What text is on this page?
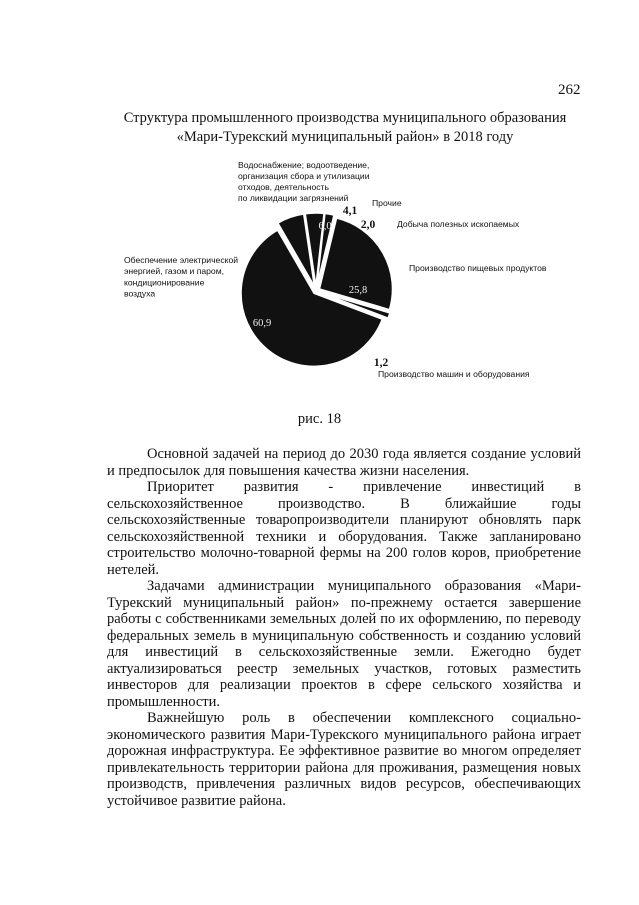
262
Структура промышленного производства муниципального образования
«Мари-Турекский муниципальный район» в 2018 году
Водоснабжение; водоотведение, организация сбора и утилизации отходов, деятельность по ликвидации загрязнений
6,0
Прочие
4,1
Добыча полезных ископаемых
2,0
Производство пищевых продуктов
25,8
Производство машин и оборудования
1,2
Обеспечение электрической энергией, газом и паром, кондиционирование воздуха
60,9
рис. 18

Основной задачей на период до 2030 года является создание условий и предпосылок для повышения качества жизни населения.

Приоритет развития - привлечение инвестиций в сельскохозяйственное производство. В ближайшие годы сельскохозяйственные товаропроизводители планируют обновлять парк сельскохозяйственной техники и оборудования. Также запланировано строительство молочно-товарной фермы на 200 голов коров, приобретение нетелей.

Задачами администрации муниципального образования «Мари-Турекский муниципальный район» по-прежнему остается завершение работы с собственниками земельных долей по их оформлению, по переводу федеральных земель в муниципальную собственность и созданию условий для инвестиций в сельскохозяйственные земли. Ежегодно будет актуализироваться реестр земельных участков, готовых разместить инвесторов для реализации проектов в сфере сельского хозяйства и промышленности.

Важнейшую роль в обеспечении комплексного социально-экономического развития Мари-Турекского муниципального района играет дорожная инфраструктура. Ее эффективное развитие во многом определяет привлекательность территории района для проживания, размещения новых производств, привлечения различных видов ресурсов, обеспечивающих устойчивое развитие района.
